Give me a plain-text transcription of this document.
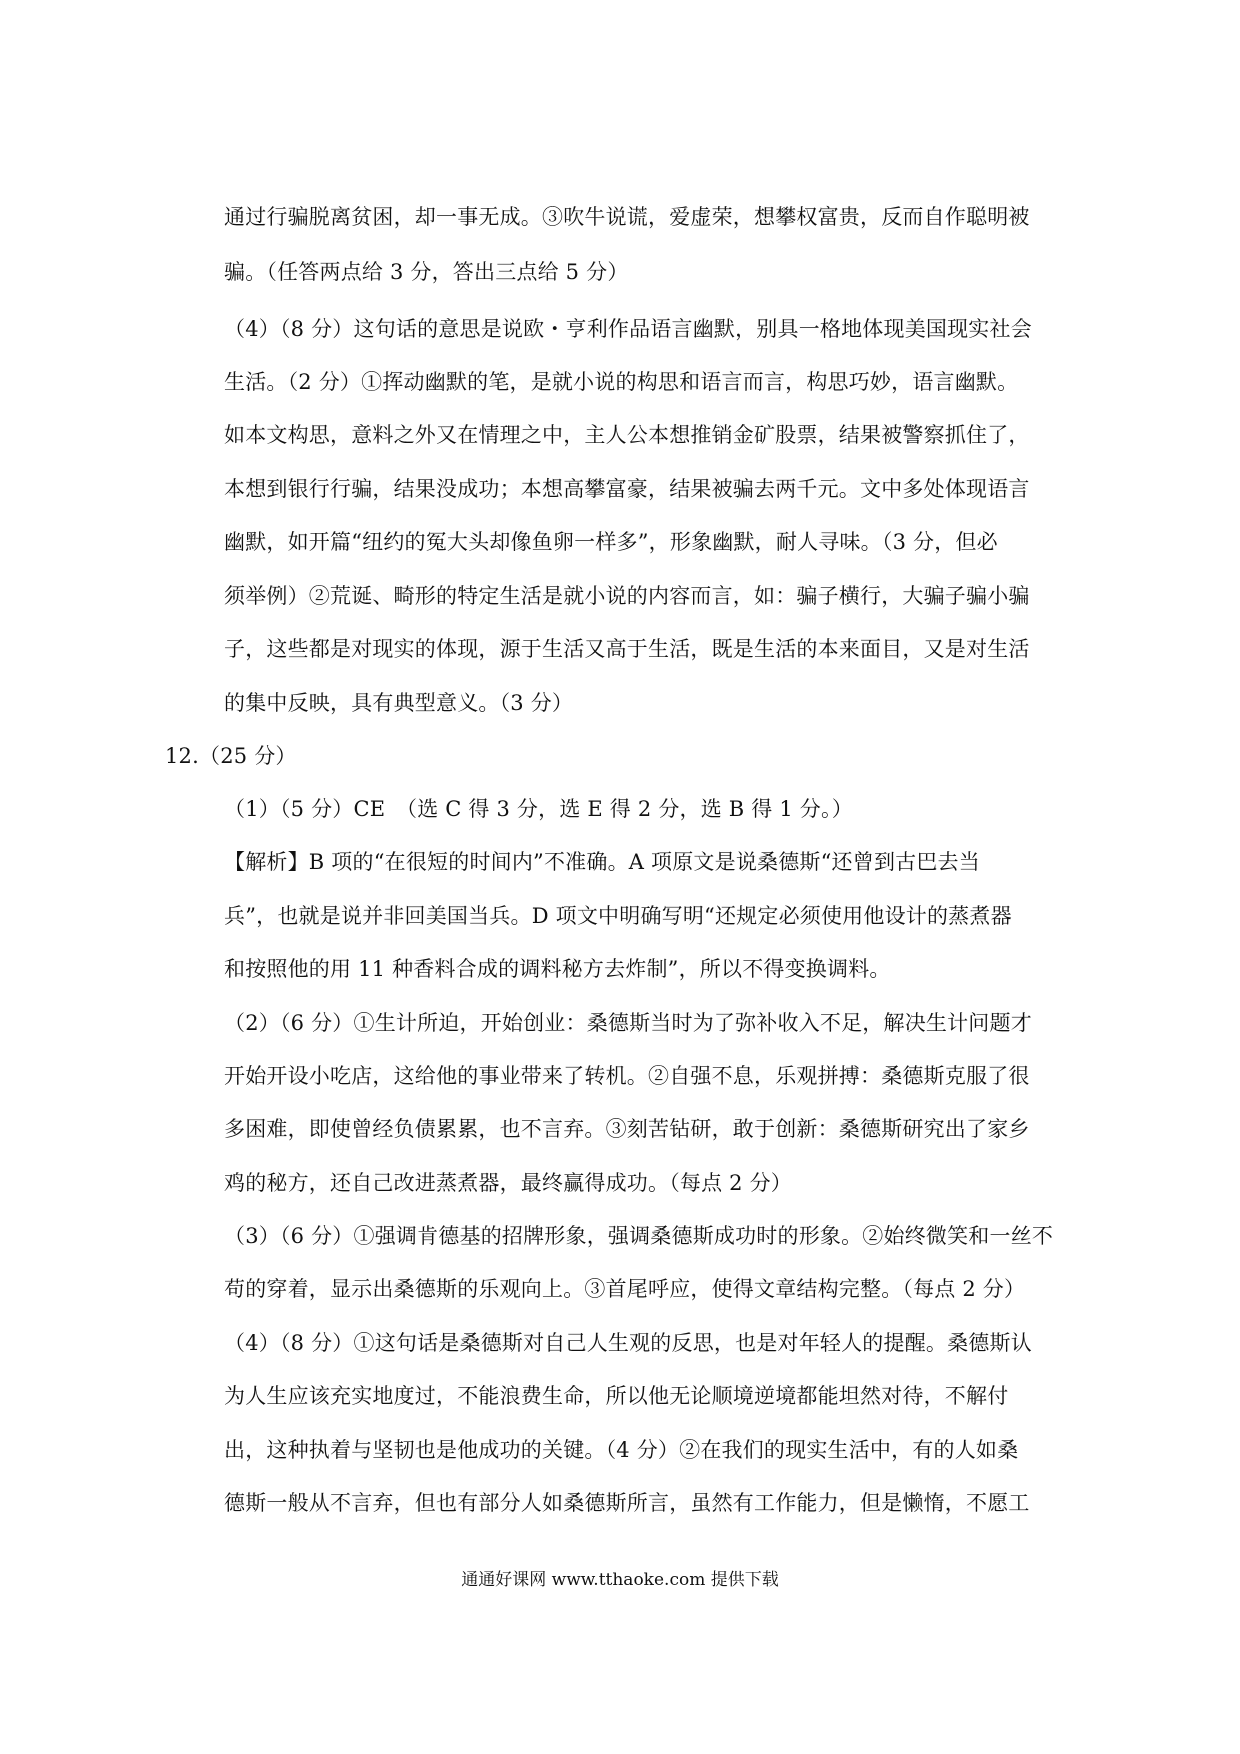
通过行骗脱离贫困，却一事无成。③吹牛说谎，爱虚荣，想攀权富贵，反而自作聪明被
骗。（任答两点给 3 分，答出三点给 5 分）
（4）（8 分）这句话的意思是说欧・亨利作品语言幽默，别具一格地体现美国现实社会
生活。（2 分）①挥动幽默的笔，是就小说的构思和语言而言，构思巧妙，语言幽默。
如本文构思，意料之外又在情理之中，主人公本想推销金矿股票，结果被警察抓住了，
本想到银行行骗，结果没成功；本想高攀富豪，结果被骗去两千元。文中多处体现语言
幽默，如开篇“纽约的冤大头却像鱼卵一样多”，形象幽默，耐人寻味。（3 分，但必
须举例）②荒诞、畸形的特定生活是就小说的内容而言，如：骗子横行，大骗子骗小骗
子，这些都是对现实的体现，源于生活又高于生活，既是生活的本来面目，又是对生活
的集中反映，具有典型意义。（3 分）
12.（25 分）
（1）（5 分）CE　（选 C 得 3 分，选 E 得 2 分，选 B 得 1 分。）
【解析】B 项的“在很短的时间内”不准确。A 项原文是说桑德斯“还曾到古巴去当
兵”，也就是说并非回美国当兵。D 项文中明确写明“还规定必须使用他设计的蒸煮器
和按照他的用 11 种香料合成的调料秘方去炸制”，所以不得变换调料。
（2）（6 分）①生计所迫，开始创业：桑德斯当时为了弥补收入不足，解决生计问题才
开始开设小吃店，这给他的事业带来了转机。②自强不息，乐观拼搏：桑德斯克服了很
多困难，即使曾经负债累累，也不言弃。③刻苦钻研，敢于创新：桑德斯研究出了家乡
鸡的秘方，还自己改进蒸煮器，最终赢得成功。（每点 2 分）
（3）（6 分）①强调肯德基的招牌形象，强调桑德斯成功时的形象。②始终微笑和一丝不
苟的穿着，显示出桑德斯的乐观向上。③首尾呼应，使得文章结构完整。（每点 2 分）
（4）（8 分）①这句话是桑德斯对自己人生观的反思，也是对年轻人的提醒。桑德斯认
为人生应该充实地度过，不能浪费生命，所以他无论顺境逆境都能坦然对待，不解付
出，这种执着与坚韧也是他成功的关键。（4 分）②在我们的现实生活中，有的人如桑
德斯一般从不言弃，但也有部分人如桑德斯所言，虽然有工作能力，但是懒惰，不愿工
通通好课网 www.tthaoke.com 提供下载
